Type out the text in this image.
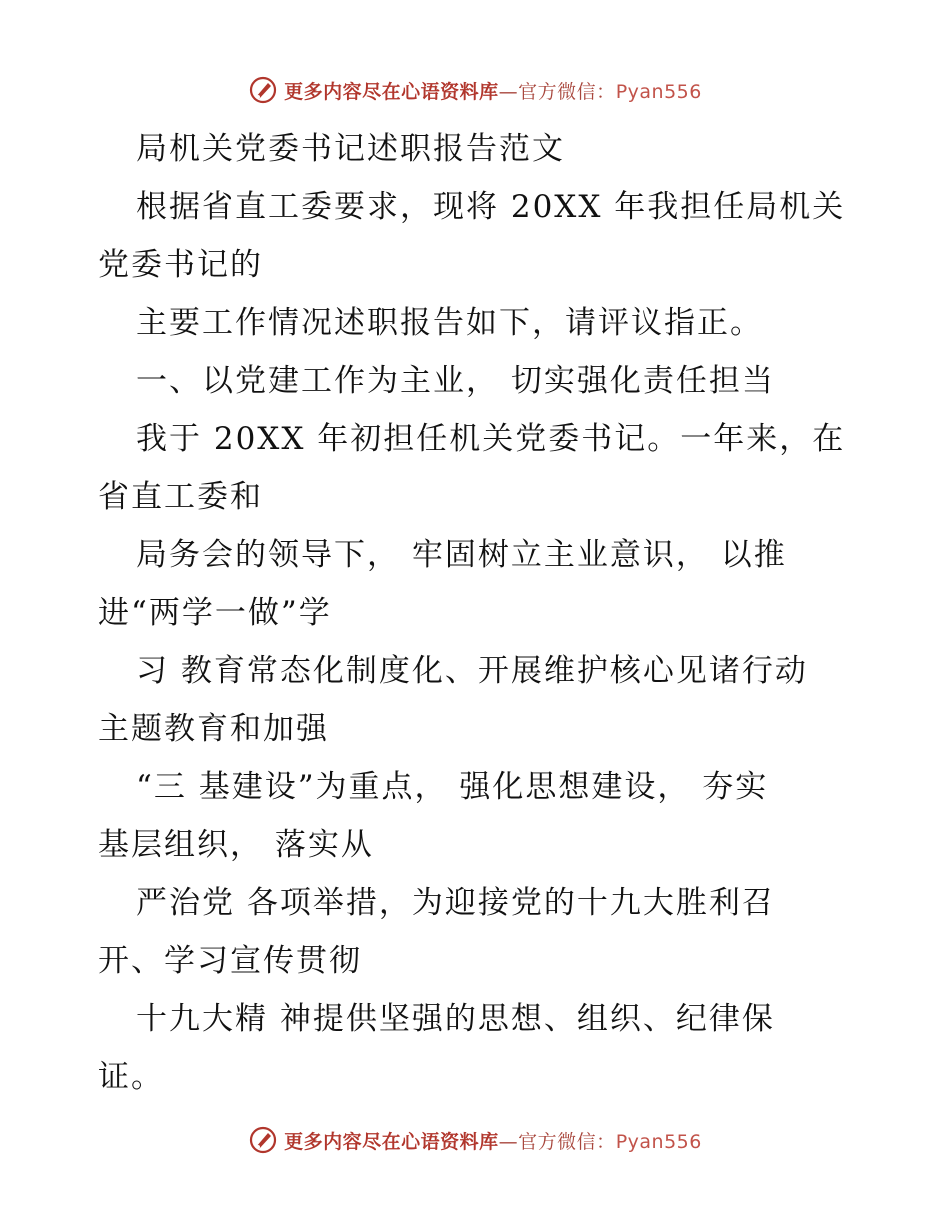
更多内容尽在心语资料库—官方微信：Pyan556
局机关党委书记述职报告范文
根据省直工委要求，现将 20XX 年我担任局机关
党委书记的
主要工作情况述职报告如下，请评议指正。
一、以党建工作为主业， 切实强化责任担当
我于 20XX 年初担任机关党委书记。一年来，在
省直工委和
局务会的领导下， 牢固树立主业意识， 以推
进“两学一做”学
习 教育常态化制度化、开展维护核心见诸行动
主题教育和加强
“三 基建设”为重点， 强化思想建设， 夯实
基层组织， 落实从
严治党 各项举措，为迎接党的十九大胜利召
开、学习宣传贯彻
十九大精 神提供坚强的思想、组织、纪律保
证。
更多内容尽在心语资料库—官方微信：Pyan556
